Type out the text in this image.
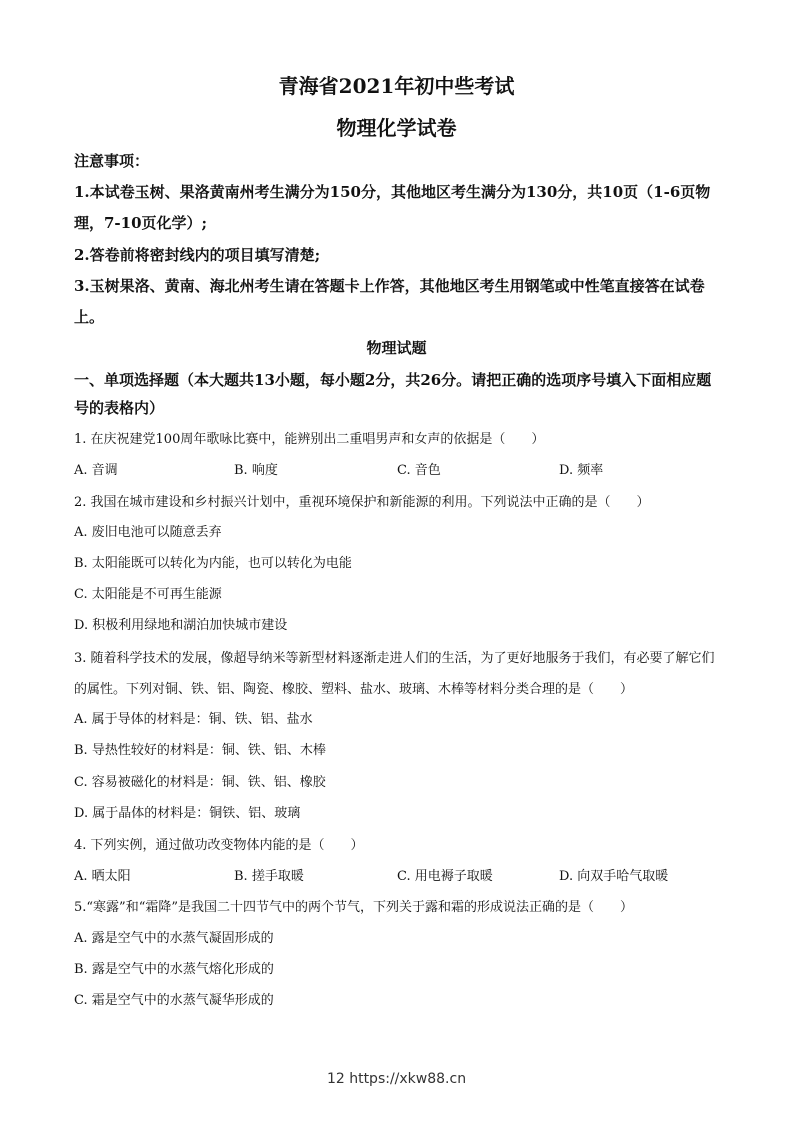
青海省2021年初中些考试
物理化学试卷
注意事项：
1.本试卷玉树、果洛黄南州考生满分为150分，其他地区考生满分为130分，共10页（1-6页物理，7-10页化学）;
2.答卷前将密封线内的项目填写清楚;
3.玉树果洛、黄南、海北州考生请在答题卡上作答，其他地区考生用钢笔或中性笔直接答在试卷上。
物理试题
一、单项选择题（本大题共13小题，每小题2分，共26分。请把正确的选项序号填入下面相应题号的表格内）
1. 在庆祝建党100周年歌咏比赛中，能辨别出二重唱男声和女声的依据是（　　）
A. 音调	B. 响度	C. 音色	D. 频率
2. 我国在城市建设和乡村振兴计划中，重视环境保护和新能源的利用。下列说法中正确的是（　　）
A. 废旧电池可以随意丢弃
B. 太阳能既可以转化为内能，也可以转化为电能
C. 太阳能是不可再生能源
D. 积极利用绿地和湖泊加快城市建设
3. 随着科学技术的发展，像超导纳米等新型材料逐渐走进人们的生活，为了更好地服务于我们，有必要了解它们的属性。下列对铜、铁、铝、陶瓷、橡胶、塑料、盐水、玻璃、木棒等材料分类合理的是（　　）
A. 属于导体的材料是：铜、铁、铝、盐水
B. 导热性较好的材料是：铜、铁、铝、木棒
C. 容易被磁化的材料是：铜、铁、铝、橡胶
D. 属于晶体的材料是：铜铁、铝、玻璃
4. 下列实例，通过做功改变物体内能的是（　　）
A. 晒太阳	B. 搓手取暖	C. 用电褥子取暖	D. 向双手哈气取暖
5.“寒露”和“霜降”是我国二十四节气中的两个节气，下列关于露和霜的形成说法正确的是（　　）
A. 露是空气中的水蒸气凝固形成的
B. 露是空气中的水蒸气熔化形成的
C. 霜是空气中的水蒸气凝华形成的
12 https://xkw88.cn
